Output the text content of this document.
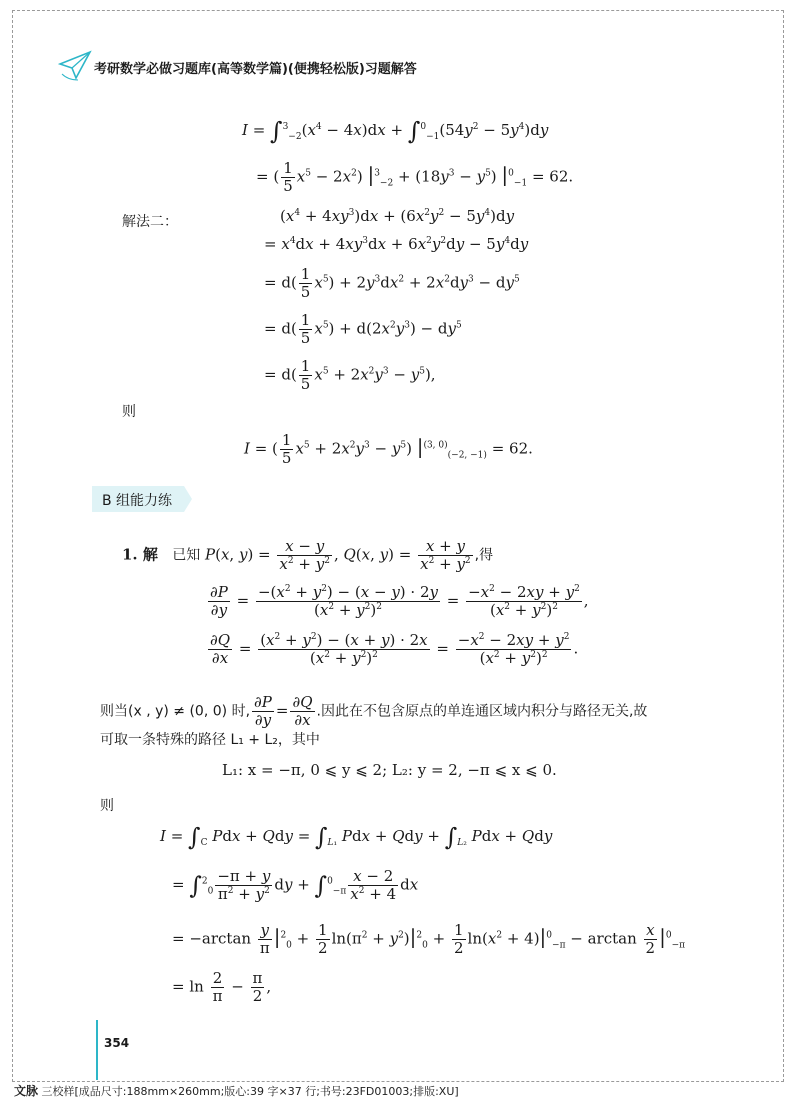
考研数学必做习题库(高等数学篇)(便携轻松版)习题解答
$I = \int^3_{-2}(x^4 - 4x)dx + \int^0_{-1}(54y^2 - 5y^4)dy$
= ( $\frac{1}{5} x^5 - 2x^2$) $|^3_{-2} + (18y^3 - y^5) |^0_{-1} = 62$.
解法二：	$(x^4 + 4xy^3)dx + (6x^2y^2 - 5y^4)dy$
= $x^4dx + 4xy^3dx + 6x^2y^2dy - 5y^4dy$
= $d( \frac{1}{5} x^5) + 2y^3dx^2 + 2x^2dy^3 - dy^5$
= $d( \frac{1}{5} x^5) + d(2x^2y^3) - dy^5$
= $d( \frac{1}{5} x^5 + 2x^2y^3 - y^5)$,
则
I = ( $\frac{1}{5} x^5 + 2x^2y^3 - y^5$) $|^{(3, 0)}_{(-2, -1)} = 62$.
B 组能力练
1. 解 已知 P(x, $y) = \frac{x - y}{x^2 + y^2}$ , Q(x, $y) = \frac{x + y}{x^2 + y^2}$ ,得
$\frac{\partial P}{\partial y} = \frac{-(x^2 + y^2) - (x - y) \cdot 2y}{(x^2 + y^2)^2} = \frac{-x^2 - 2xy + y^2}{(x^2 + y^2)^2}$ ,
$\frac{\partial Q}{\partial x} = \frac{(x^2 + y^2) - (x + y) \cdot 2x}{(x^2 + y^2)^2} = \frac{-x^2 - 2xy + y^2}{(x^2 + y^2)^2}$ .
则当(x , y) ≠ (0, 0) 时, $\frac{\partial P}{\partial y} = \frac{\partial Q}{\partial x}$ .因此在不包含原点的单连通区域内积分与路径无关,故
可取一条特殊的路径 L₁ + L₂，其中
L₁: x = −π, 0 ⩽ y ⩽ 2; L₂: y = 2, −π ⩽ x ⩽ 0.
则
$I = \int_C$ Pdx + Qdy = $\int_{L_1}$ Pdx + Qdy + $\int_{L_2}$ Pdx + Qdy
= $\int^2_0 \frac{-\pi + y}{\pi^2 + y^2}$ dy + $\int^0_{-\pi} \frac{x - 2}{x^2 + 4}$ dx
= $-\arctan \frac{y}{\pi} |^2_0 + \frac{1}{2} \ln(\pi^2 + y^2)|^2_0 + \frac{1}{2} \ln(x^2 + 4)|^0_{-\pi} - \arctan \frac{x}{2} |^0_{-\pi}$
= $\ln \frac{2}{\pi} - \frac{\pi}{2}$ ,
354
文脉 三校样[成品尺寸:188mm×260mm;版心:39 字×37 行;书号:23FD01003;排版:XU]
